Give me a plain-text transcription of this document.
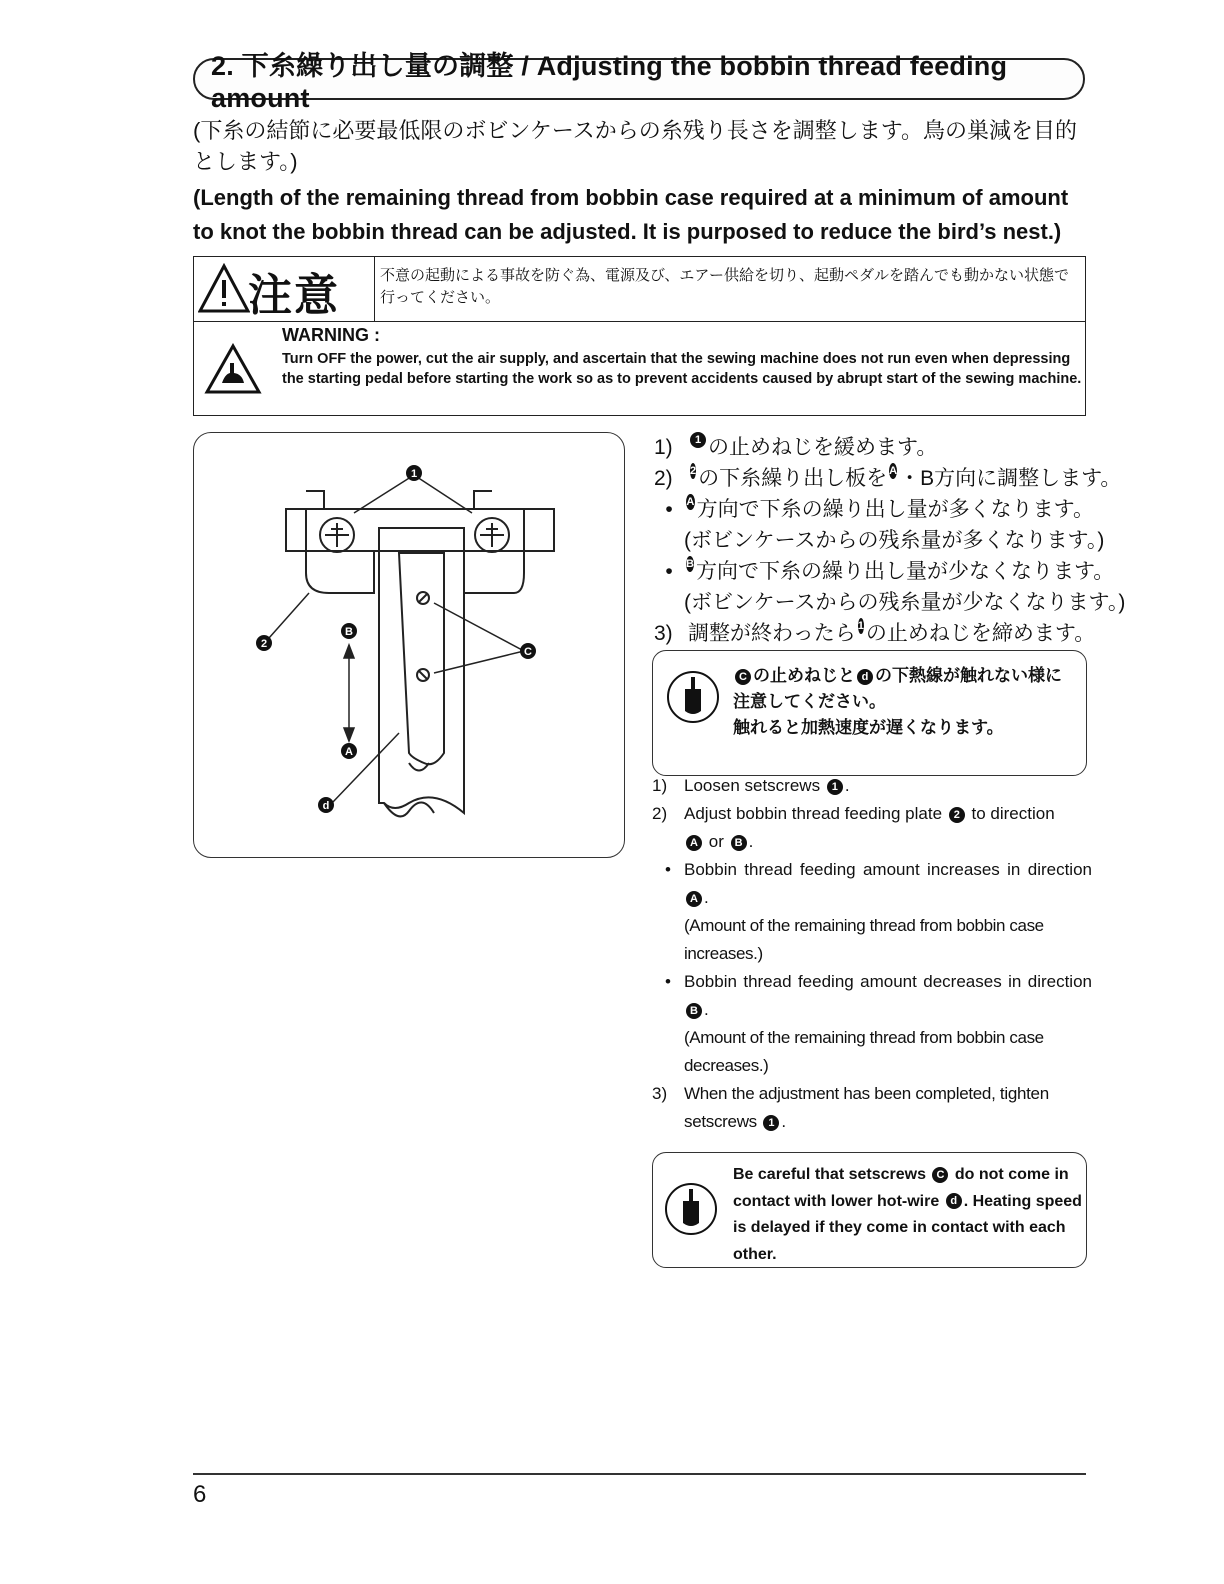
2. 下糸繰り出し量の調整 / Adjusting the bobbin thread feeding amount
(下糸の結節に必要最低限のボビンケースからの糸残り長さを調整します。鳥の巣減を目的とします。)
(Length of the remaining thread from bobbin case required at a minimum of amount to knot the bobbin thread can be adjusted. It is purposed to reduce the bird’s nest.)
注意	不意の起動による事故を防ぐ為、電源及び、エアー供給を切り、起動ペダルを踏んでも動かない状態で行ってください。
WARNING :
Turn OFF the power, cut the air supply, and ascertain that the sewing machine does not run even when depressing the starting pedal before starting the work so as to prevent accidents caused by abrupt start of the sewing machine.
1
2
B
A
C
d
1)	1 の止めねじを緩めます。
2)	2 の下糸繰り出し板を A ・B方向に調整します。
•	A 方向で下糸の繰り出し量が多くなります。
(ボビンケースからの残糸量が多くなります。)
•	B 方向で下糸の繰り出し量が少なくなります。
(ボビンケースからの残糸量が少なくなります。)
3) 調整が終わったら 1 の止めねじを締めます。
C の止めねじと d の下熱線が触れない様に
注意してください。
触れると加熱速度が遅くなります。
1) Loosen setscrews 1 .
2) Adjust bobbin thread feeding plate 2 to direction
A or B .
• Bobbin thread feeding amount increases in direction A .
(Amount of the remaining thread from bobbin case increases.)
• Bobbin thread feeding amount decreases in direction B .
(Amount of the remaining thread from bobbin case decreases.)
3) When the adjustment has been completed, tighten setscrews 1 .
Be careful that setscrews C do not come in contact with lower hot-wire d . Heating speed is delayed if they come in contact with each other.
6
